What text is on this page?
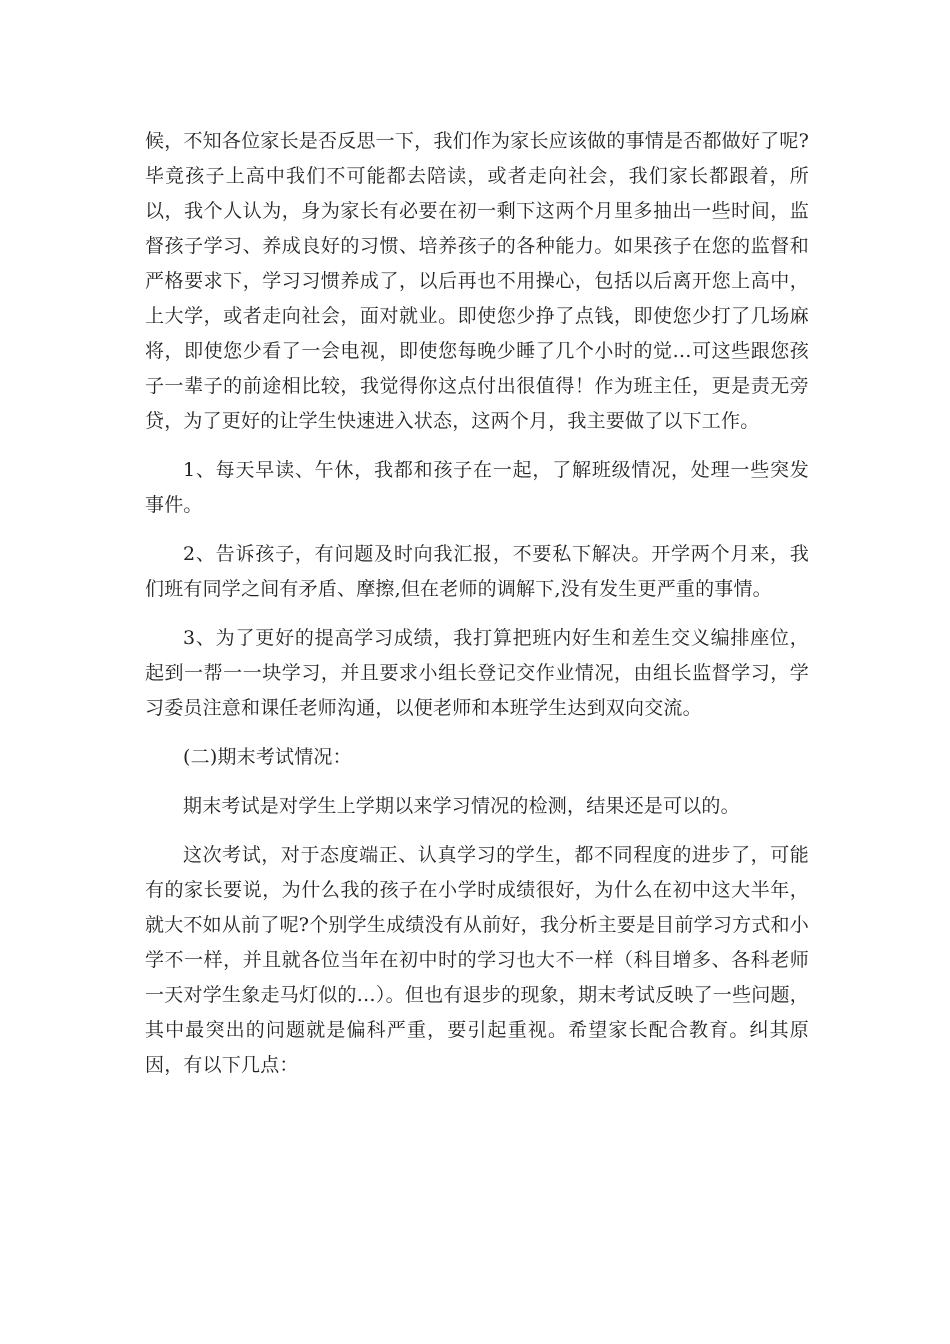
候，不知各位家长是否反思一下，我们作为家长应该做的事情是否都做好了呢?毕竟孩子上高中我们不可能都去陪读，或者走向社会，我们家长都跟着，所以，我个人认为，身为家长有必要在初一剩下这两个月里多抽出一些时间，监督孩子学习、养成良好的习惯、培养孩子的各种能力。如果孩子在您的监督和严格要求下，学习习惯养成了，以后再也不用操心，包括以后离开您上高中，上大学，或者走向社会，面对就业。即使您少挣了点钱，即使您少打了几场麻将，即使您少看了一会电视，即使您每晚少睡了几个小时的觉…可这些跟您孩子一辈子的前途相比较，我觉得你这点付出很值得！作为班主任，更是责无旁贷，为了更好的让学生快速进入状态，这两个月，我主要做了以下工作。

1、每天早读、午休，我都和孩子在一起，了解班级情况，处理一些突发事件。

2、告诉孩子，有问题及时向我汇报，不要私下解决。开学两个月来，我们班有同学之间有矛盾、摩擦,但在老师的调解下,没有发生更严重的事情。

3、为了更好的提高学习成绩，我打算把班内好生和差生交义编排座位，起到一帮一一块学习，并且要求小组长登记交作业情况，由组长监督学习，学习委员注意和课任老师沟通，以便老师和本班学生达到双向交流。

(二)期末考试情况：

期末考试是对学生上学期以来学习情况的检测，结果还是可以的。

这次考试，对于态度端正、认真学习的学生，都不同程度的进步了，可能有的家长要说，为什么我的孩子在小学时成绩很好，为什么在初中这大半年，就大不如从前了呢?个别学生成绩没有从前好，我分析主要是目前学习方式和小学不一样，并且就各位当年在初中时的学习也大不一样（科目增多、各科老师一天对学生象走马灯似的…）。但也有退步的现象，期末考试反映了一些问题，其中最突出的问题就是偏科严重，要引起重视。希望家长配合教育。纠其原因，有以下几点：
